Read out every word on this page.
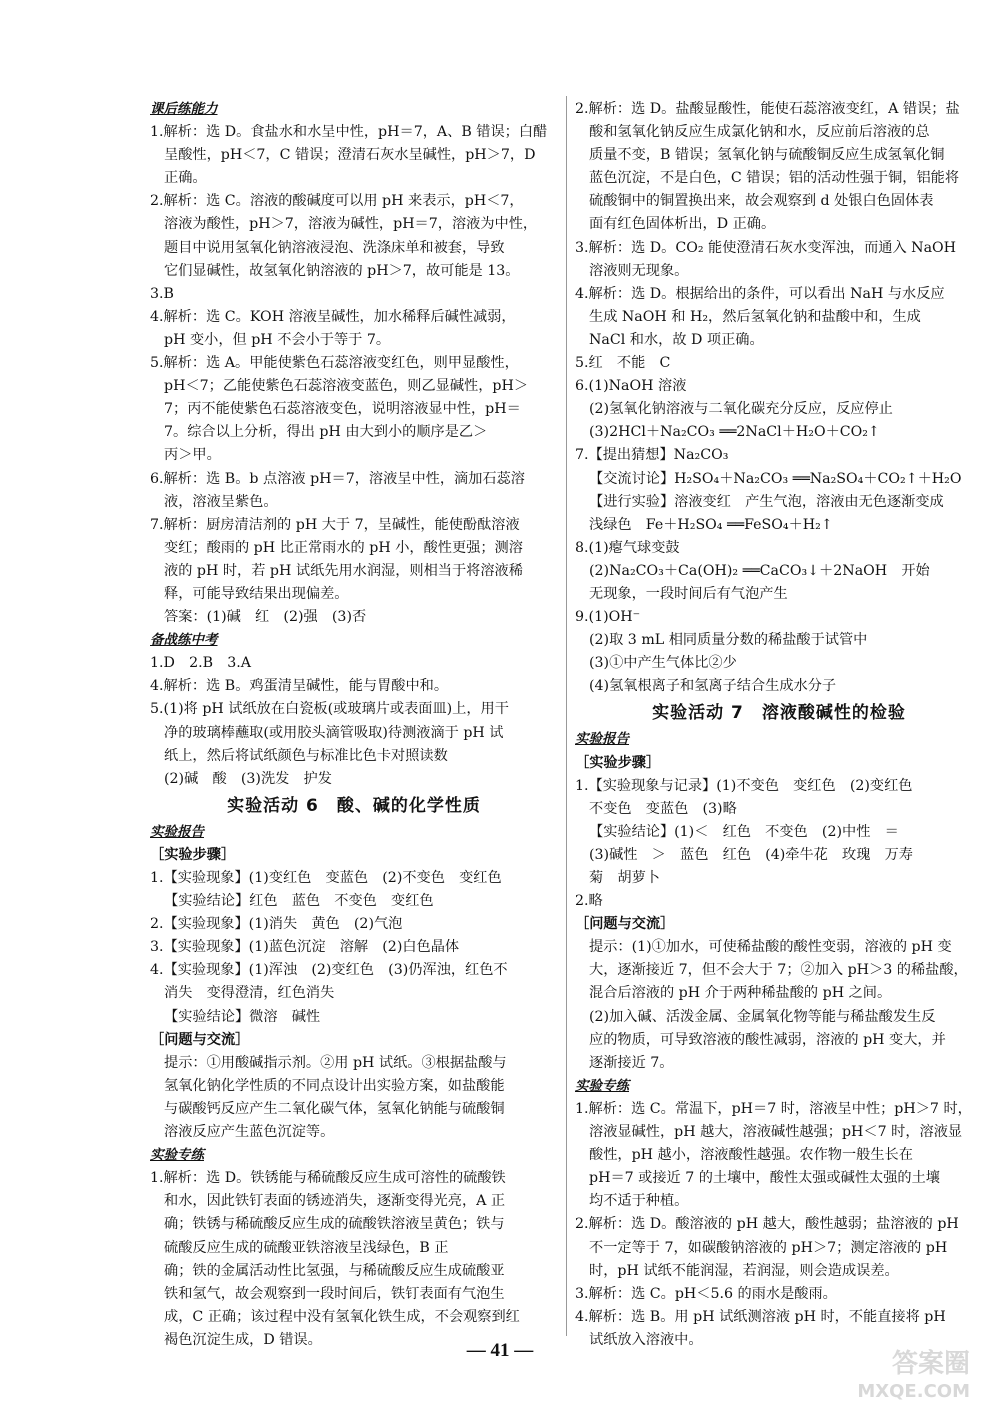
课后练能力
1.解析：选 D。食盐水和水呈中性，pH＝7，A、B 错误；白醋
呈酸性，pH＜7，C 错误；澄清石灰水呈碱性，pH＞7，D
正确。
2.解析：选 C。溶液的酸碱度可以用 pH 来表示，pH＜7，
溶液为酸性，pH＞7，溶液为碱性，pH＝7，溶液为中性，
题目中说用氢氧化钠溶液浸泡、洗涤床单和被套，导致
它们显碱性，故氢氧化钠溶液的 pH＞7，故可能是 13。
3.B
4.解析：选 C。KOH 溶液呈碱性，加水稀释后碱性减弱，
pH 变小，但 pH 不会小于等于 7。
5.解析：选 A。甲能使紫色石蕊溶液变红色，则甲显酸性，
pH＜7；乙能使紫色石蕊溶液变蓝色，则乙显碱性，pH＞
7；丙不能使紫色石蕊溶液变色，说明溶液显中性，pH＝
7。综合以上分析，得出 pH 由大到小的顺序是乙＞
丙＞甲。
6.解析：选 B。b 点溶液 pH＝7，溶液呈中性，滴加石蕊溶
液，溶液呈紫色。
7.解析：厨房清洁剂的 pH 大于 7，呈碱性，能使酚酞溶液
变红；酸雨的 pH 比正常雨水的 pH 小，酸性更强；测溶
液的 pH 时，若 pH 试纸先用水润湿，则相当于将溶液稀
释，可能导致结果出现偏差。
答案：(1)碱　红　(2)强　(3)否
备战练中考
1.D　2.B　3.A
4.解析：选 B。鸡蛋清呈碱性，能与胃酸中和。
5.(1)将 pH 试纸放在白瓷板(或玻璃片或表面皿)上，用干
净的玻璃棒蘸取(或用胶头滴管吸取)待测液滴于 pH 试
纸上，然后将试纸颜色与标准比色卡对照读数
(2)碱　酸　(3)洗发　护发
实验活动 6　酸、碱的化学性质
实验报告
［实验步骤］
1.【实验现象】(1)变红色　变蓝色　(2)不变色　变红色
【实验结论】红色　蓝色　不变色　变红色
2.【实验现象】(1)消失　黄色　(2)气泡
3.【实验现象】(1)蓝色沉淀　溶解　(2)白色晶体
4.【实验现象】(1)浑浊　(2)变红色　(3)仍浑浊，红色不
消失　变得澄清，红色消失
【实验结论】微溶　碱性
［问题与交流］
提示：①用酸碱指示剂。②用 pH 试纸。③根据盐酸与
氢氧化钠化学性质的不同点设计出实验方案，如盐酸能
与碳酸钙反应产生二氧化碳气体，氢氧化钠能与硫酸铜
溶液反应产生蓝色沉淀等。
实验专练
1.解析：选 D。铁锈能与稀硫酸反应生成可溶性的硫酸铁
和水，因此铁钉表面的锈迹消失，逐渐变得光亮，A 正
确；铁锈与稀硫酸反应生成的硫酸铁溶液呈黄色；铁与
硫酸反应生成的硫酸亚铁溶液呈浅绿色，B 正
确；铁的金属活动性比氢强，与稀硫酸反应生成硫酸亚
铁和氢气，故会观察到一段时间后，铁钉表面有气泡生
成，C 正确；该过程中没有氢氧化铁生成，不会观察到红
褐色沉淀生成，D 错误。
2.解析：选 D。盐酸显酸性，能使石蕊溶液变红，A 错误；盐
酸和氢氧化钠反应生成氯化钠和水，反应前后溶液的总
质量不变，B 错误；氢氧化钠与硫酸铜反应生成氢氧化铜
蓝色沉淀，不是白色，C 错误；铝的活动性强于铜，铝能将
硫酸铜中的铜置换出来，故会观察到 d 处银白色固体表
面有红色固体析出，D 正确。
3.解析：选 D。CO₂ 能使澄清石灰水变浑浊，而通入 NaOH
溶液则无现象。
4.解析：选 D。根据给出的条件，可以看出 NaH 与水反应
生成 NaOH 和 H₂，然后氢氧化钠和盐酸中和，生成
NaCl 和水，故 D 项正确。
5.红　不能　C
6.(1)NaOH 溶液
(2)氢氧化钠溶液与二氧化碳充分反应，反应停止
(3)2HCl＋Na₂CO₃ ══2NaCl＋H₂O＋CO₂↑
7.【提出猜想】Na₂CO₃
【交流讨论】H₂SO₄＋Na₂CO₃ ══Na₂SO₄＋CO₂↑＋H₂O
【进行实验】溶液变红　产生气泡，溶液由无色逐渐变成
浅绿色　Fe＋H₂SO₄ ══FeSO₄＋H₂↑
8.(1)瘪气球变鼓
(2)Na₂CO₃＋Ca(OH)₂ ══CaCO₃↓＋2NaOH　开始
无现象，一段时间后有气泡产生
9.(1)OH⁻
(2)取 3 mL 相同质量分数的稀盐酸于试管中
(3)①中产生气体比②少
(4)氢氧根离子和氢离子结合生成水分子
实验活动 7　溶液酸碱性的检验
实验报告
［实验步骤］
1.【实验现象与记录】(1)不变色　变红色　(2)变红色
不变色　变蓝色　(3)略
【实验结论】(1)＜　红色　不变色　(2)中性　＝
(3)碱性　＞　蓝色　红色　(4)牵牛花　玫瑰　万寿
菊　胡萝卜
2.略
［问题与交流］
提示：(1)①加水，可使稀盐酸的酸性变弱，溶液的 pH 变
大，逐渐接近 7，但不会大于 7；②加入 pH＞3 的稀盐酸，
混合后溶液的 pH 介于两种稀盐酸的 pH 之间。
(2)加入碱、活泼金属、金属氧化物等能与稀盐酸发生反
应的物质，可导致溶液的酸性减弱，溶液的 pH 变大，并
逐渐接近 7。
实验专练
1.解析：选 C。常温下，pH＝7 时，溶液呈中性；pH＞7 时，
溶液显碱性，pH 越大，溶液碱性越强；pH＜7 时，溶液显
酸性，pH 越小，溶液酸性越强。农作物一般生长在
pH＝7 或接近 7 的土壤中，酸性太强或碱性太强的土壤
均不适于种植。
2.解析：选 D。酸溶液的 pH 越大，酸性越弱；盐溶液的 pH
不一定等于 7，如碳酸钠溶液的 pH＞7；测定溶液的 pH
时，pH 试纸不能润湿，若润湿，则会造成误差。
3.解析：选 C。pH＜5.6 的雨水是酸雨。
4.解析：选 B。用 pH 试纸测溶液 pH 时，不能直接将 pH
试纸放入溶液中。
— 41 —	答案圈
MXQE.COM
